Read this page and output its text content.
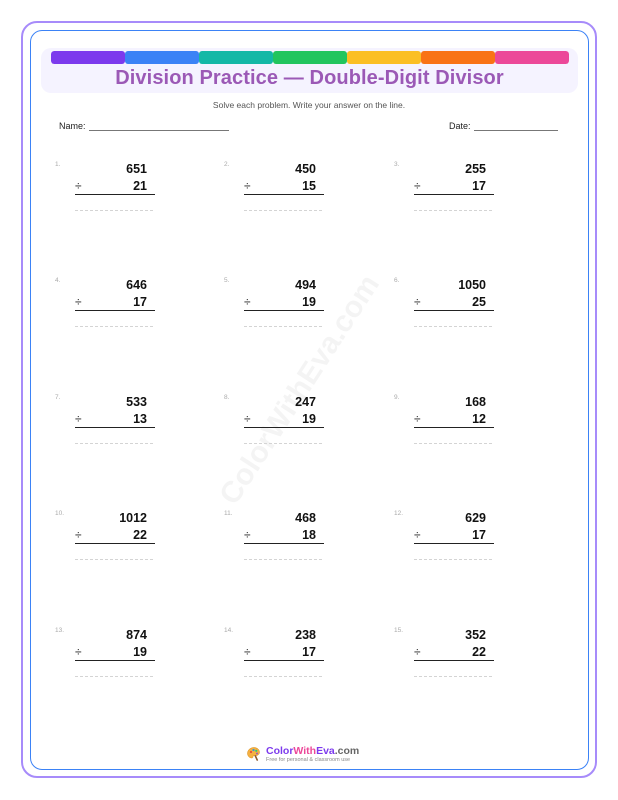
Division Practice — Double-Digit Divisor
Solve each problem. Write your answer on the line.
Name:	Date:
1.	651
÷	21
2.	450
÷	15
3.	255
÷	17
4.	646
÷	17
5.	494
÷	19
6.	1050
÷	25
7.	533
÷	13
8.	247
÷	19
9.	168
÷	12
10.	1012
÷	22
11.	468
÷	18
12.	629
÷	17
13.	874
÷	19
14.	238
÷	17
15.	352
÷	22
ColorWithEva.com
Free for personal & classroom use
